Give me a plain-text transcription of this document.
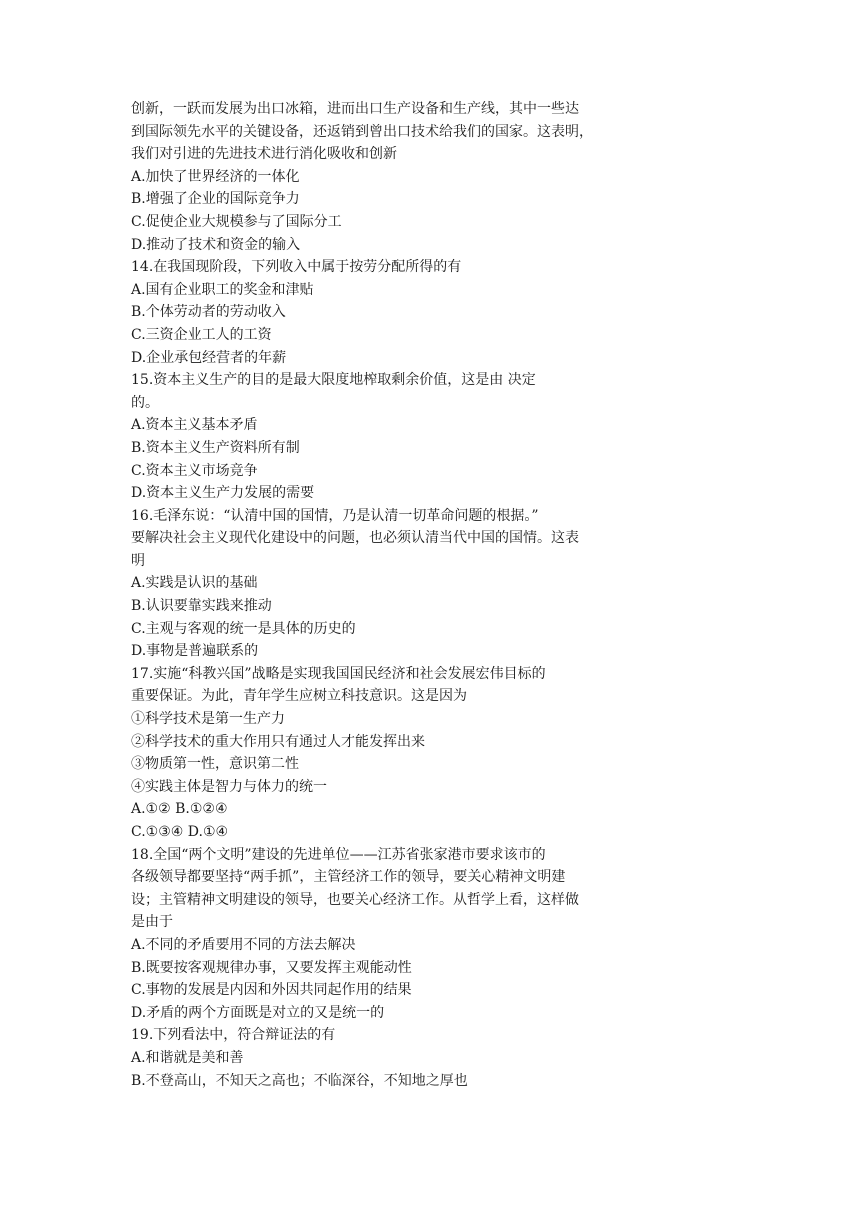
创新，一跃而发展为出口冰箱，进而出口生产设备和生产线，其中一些达
到国际领先水平的关键设备，还返销到曾出口技术给我们的国家。这表明，
我们对引进的先进技术进行消化吸收和创新
A.加快了世界经济的一体化
B.增强了企业的国际竞争力
C.促使企业大规模参与了国际分工
D.推动了技术和资金的输入
14.在我国现阶段，下列收入中属于按劳分配所得的有
A.国有企业职工的奖金和津贴
B.个体劳动者的劳动收入
C.三资企业工人的工资
D.企业承包经营者的年薪
15.资本主义生产的目的是最大限度地榨取剩余价值，这是由 决定
的。
A.资本主义基本矛盾
B.资本主义生产资料所有制
C.资本主义市场竞争
D.资本主义生产力发展的需要
16.毛泽东说：“认清中国的国情，乃是认清一切革命问题的根据。”
要解决社会主义现代化建设中的问题，也必须认清当代中国的国情。这表
明
A.实践是认识的基础
B.认识要靠实践来推动
C.主观与客观的统一是具体的历史的
D.事物是普遍联系的
17.实施“科教兴国”战略是实现我国国民经济和社会发展宏伟目标的
重要保证。为此，青年学生应树立科技意识。这是因为
①科学技术是第一生产力
②科学技术的重大作用只有通过人才能发挥出来
③物质第一性，意识第二性
④实践主体是智力与体力的统一
A.①② B.①②④
C.①③④ D.①④
18.全国“两个文明”建设的先进单位——江苏省张家港市要求该市的
各级领导都要坚持“两手抓”，主管经济工作的领导，要关心精神文明建
设；主管精神文明建设的领导，也要关心经济工作。从哲学上看，这样做
是由于
A.不同的矛盾要用不同的方法去解决
B.既要按客观规律办事，又要发挥主观能动性
C.事物的发展是内因和外因共同起作用的结果
D.矛盾的两个方面既是对立的又是统一的
19.下列看法中，符合辩证法的有
A.和谐就是美和善
B.不登高山，不知天之高也；不临深谷，不知地之厚也
